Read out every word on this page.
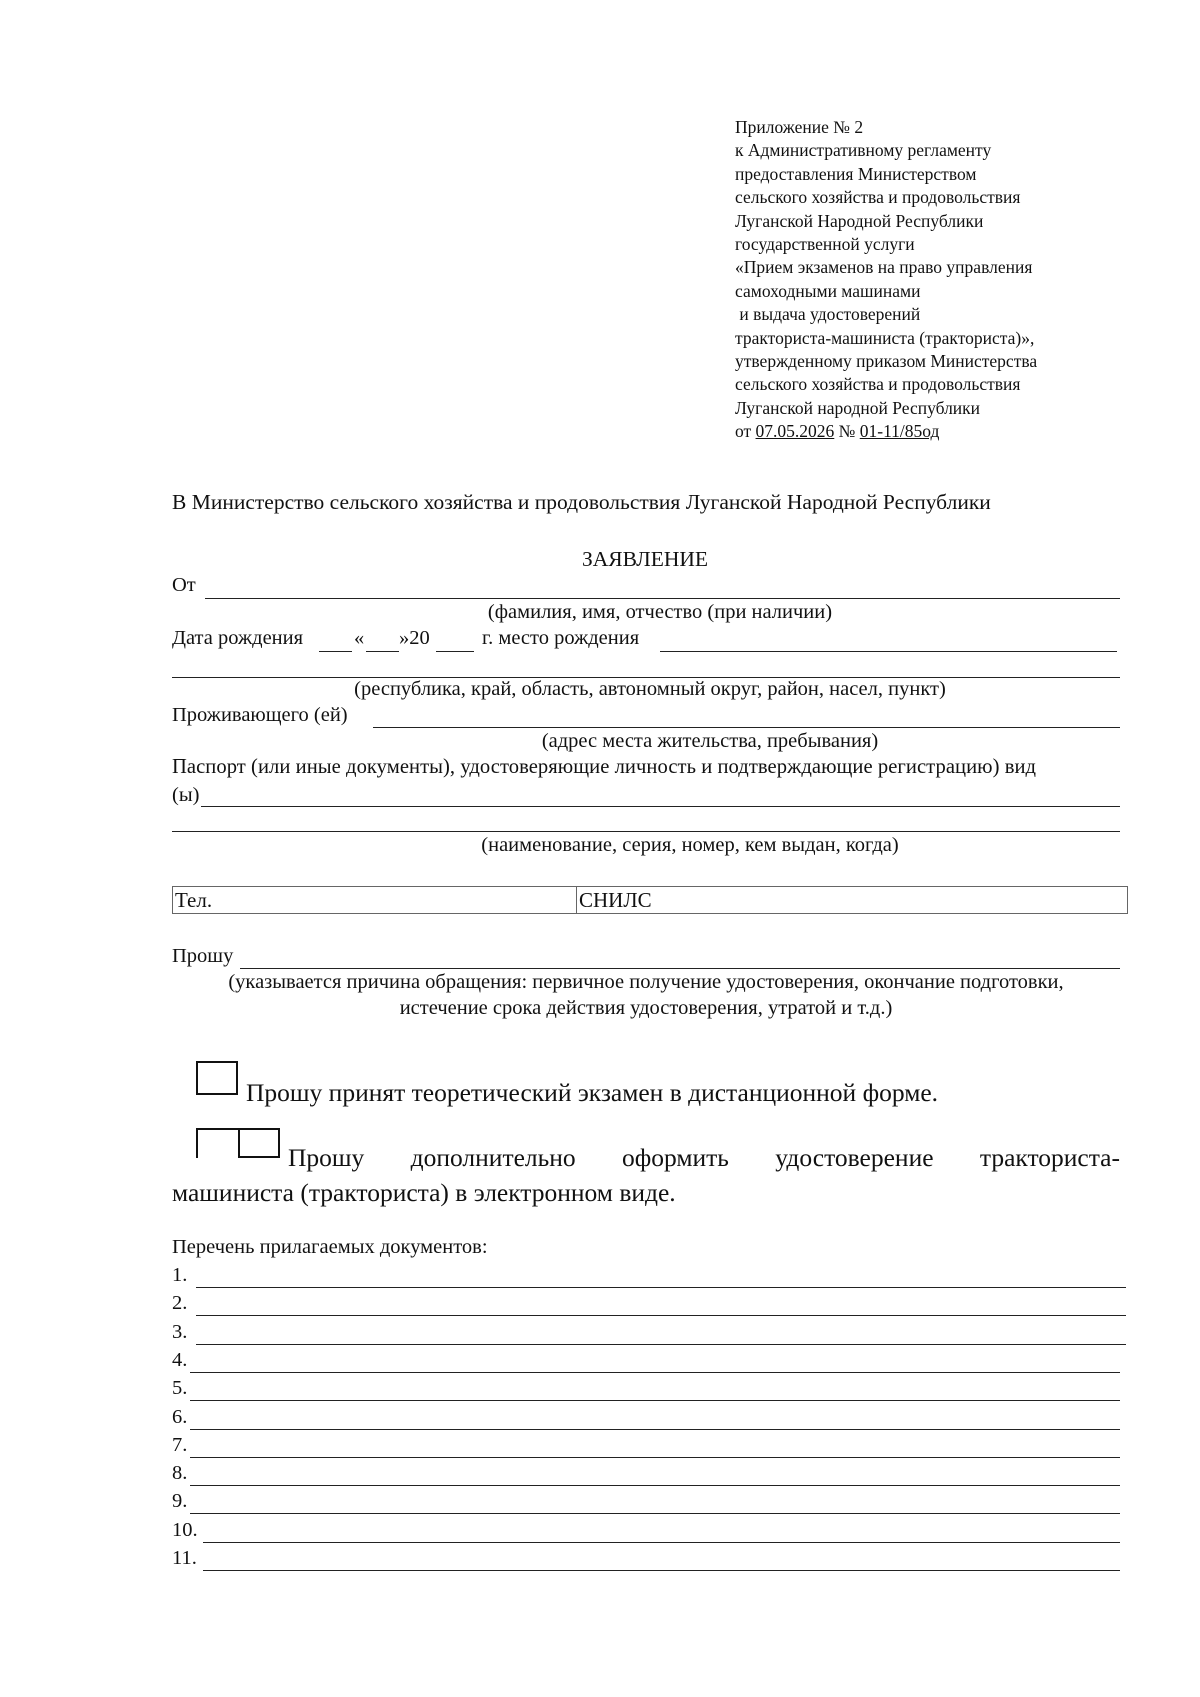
Приложение № 2
к Административному регламенту
предоставления Министерством
сельского хозяйства и продовольствия
Луганской Народной Республики
государственной услуги
«Прием экзаменов на право управления
самоходными машинами
и выдача удостоверений
тракториста-машиниста (тракториста)»,
утвержденному приказом Министерства
сельского хозяйства и продовольствия
Луганской народной Республики
от 07.05.2026 № 01-11/85од
В Министерство сельского хозяйства и продовольствия Луганской Народной Республики
ЗАЯВЛЕНИЕ
От
(фамилия, имя, отчество (при наличии)
Дата рождения « »20	г. место рождения
(республика, край, область, автономный округ, район, насел, пункт)
Проживающего (ей)
(адрес места жительства, пребывания)
Паспорт (или иные документы), удостоверяющие личность и подтверждающие регистрацию) вид
(ы)
(наименование, серия, номер, кем выдан, когда)
Тел.	СНИЛС
Прошу
(указывается причина обращения: первичное получение удостоверения, окончание подготовки,
истечение срока действия удостоверения, утратой и т.д.)
Прошу принят теоретический экзамен в дистанционной форме.
Прошу дополнительно оформить удостоверение тракториста-
машиниста (тракториста) в электронном виде.
Перечень прилагаемых документов:
1.
2.
3.
4.
5.
6.
7.
8.
9.
10.
11.
